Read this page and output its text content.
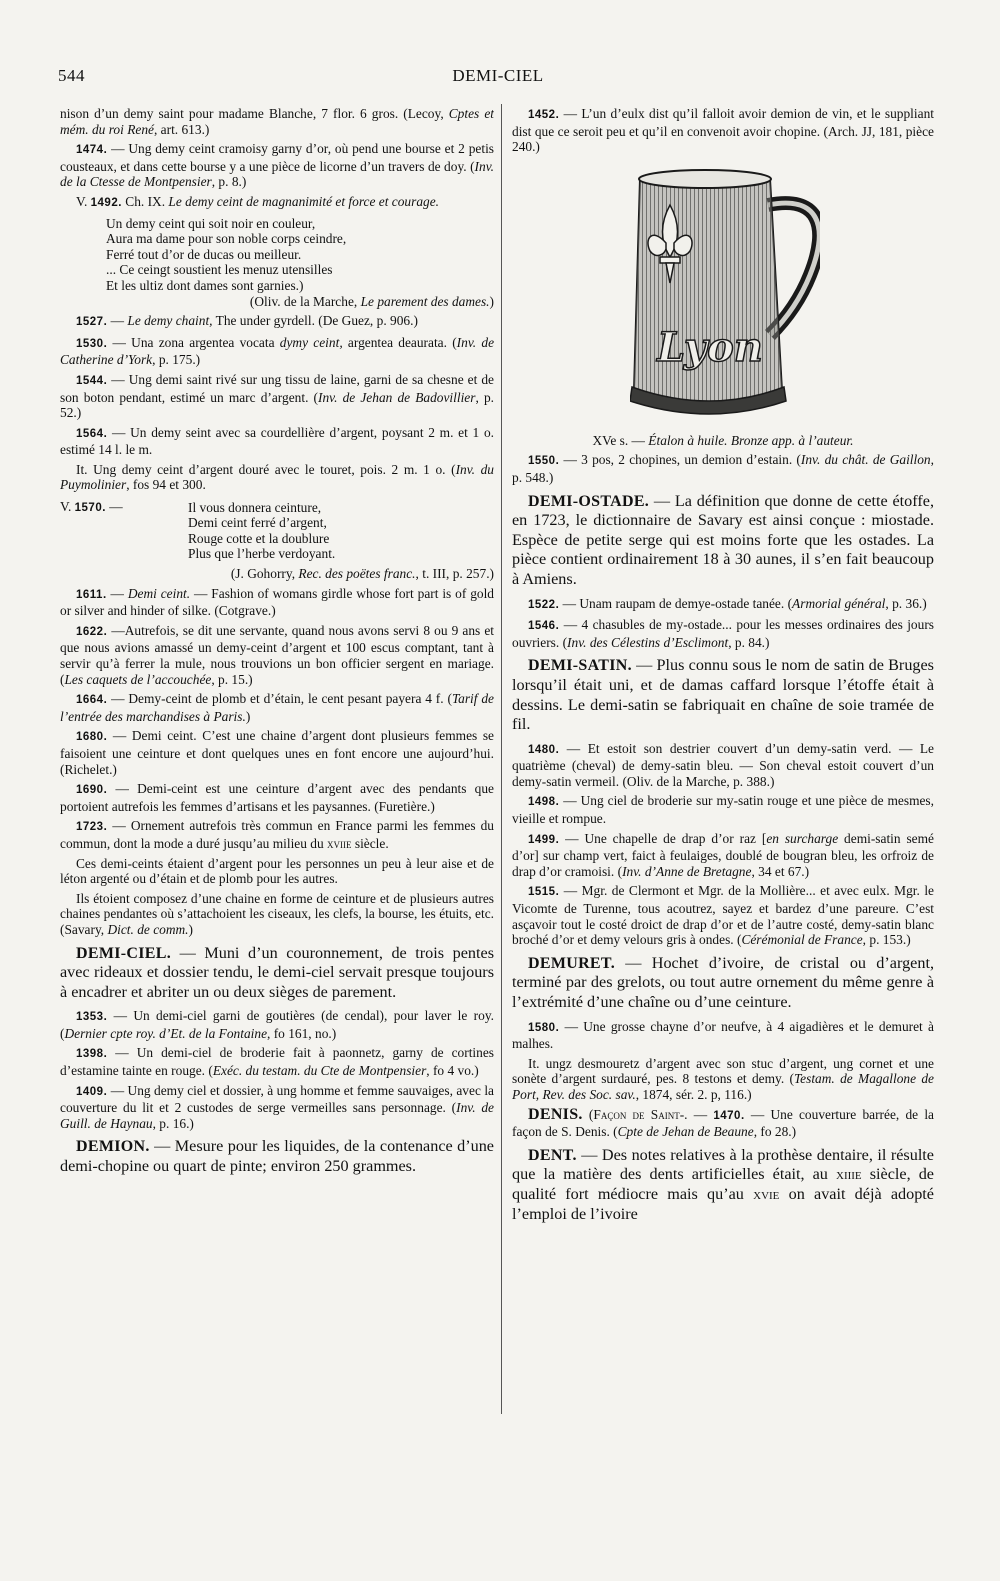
544	DEMI-CIEL

nison d’un demy saint pour madame Blanche, 7 flor. 6 gros. (Lecoy, Cptes et mém. du roi René, art. 613.)

1474. — Ung demy ceint cramoisy garny d’or, où pend une bourse et 2 petis cousteaux, et dans cette bourse y a une pièce de licorne d’un travers de doy. (Inv. de la Ctesse de Montpensier, p. 8.)

V. 1492. Ch. IX. Le demy ceint de magnanimité et force et courage.

Un demy ceint qui soit noir en couleur,
Aura ma dame pour son noble corps ceindre,
Ferré tout d’or de ducas ou meilleur.
... Ce ceingt soustient les menuz utensilles
Et les ultiz dont dames sont garnies.)
(Oliv. de la Marche, Le parement des dames.)

1527. — Le demy chaint, The under gyrdell. (De Guez, p. 906.)

1530. — Una zona argentea vocata dymy ceint, argentea deaurata. (Inv. de Catherine d’York, p. 175.)

1544. — Ung demi saint rivé sur ung tissu de laine, garni de sa chesne et de son boton pendant, estimé un marc d’argent. (Inv. de Jehan de Badovillier, p. 52.)

1564. — Un demy seint avec sa courdellière d’argent, poysant 2 m. et 1 o. estimé 14 l. le m.

It. Ung demy ceint d’argent douré avec le touret, pois. 2 m. 1 o. (Inv. du Puymolinier, fos 94 et 300.

V. 1570. —	Il vous donnera ceinture,
Demi ceint ferré d’argent,
Rouge cotte et la doublure
Plus que l’herbe verdoyant.

(J. Gohorry, Rec. des poëtes franc., t. III, p. 257.)

1611. — Demi ceint. — Fashion of womans girdle whose fort part is of gold or silver and hinder of silke. (Cotgrave.)

1622. —Autrefois, se dit une servante, quand nous avons servi 8 ou 9 ans et que nous avions amassé un demy-ceint d’argent et 100 escus comptant, tant à servir qu’à ferrer la mule, nous trouvions un bon officier sergent en mariage. (Les caquets de l’accouchée, p. 15.)

1664. — Demy-ceint de plomb et d’étain, le cent pesant payera 4 f. (Tarif de l’entrée des marchandises à Paris.)

1680. — Demi ceint. C’est une chaine d’argent dont plusieurs femmes se faisoient une ceinture et dont quelques unes en font encore une aujourd’hui. (Richelet.)

1690. — Demi-ceint est une ceinture d’argent avec des pendants que portoient autrefois les femmes d’artisans et les paysannes. (Furetière.)

1723. — Ornement autrefois très commun en France parmi les femmes du commun, dont la mode a duré jusqu’au milieu du xviie siècle.

Ces demi-ceints étaient d’argent pour les personnes un peu à leur aise et de léton argenté ou d’étain et de plomb pour les autres.

Ils étoient composez d’une chaine en forme de ceinture et de plusieurs autres chaines pendantes où s’attachoient les ciseaux, les clefs, la bourse, les étuits, etc. (Savary, Dict. de comm.)

DEMI-CIEL. — Muni d’un couronnement, de trois pentes avec rideaux et dossier tendu, le demi-ciel servait presque toujours à encadrer et abriter un ou deux sièges de parement.

1353. — Un demi-ciel garni de goutières (de cendal), pour laver le roy. (Dernier cpte roy. d’Et. de la Fontaine, fo 161, no.)

1398. — Un demi-ciel de broderie fait à paonnetz, garny de cortines d’estamine tainte en rouge. (Exéc. du testam. du Cte de Montpensier, fo 4 vo.)

1409. — Ung demy ciel et dossier, à ung homme et femme sauvaiges, avec la couverture du lit et 2 custodes de serge vermeilles sans personnage. (Inv. de Guill. de Haynau, p. 16.)

DEMION. — Mesure pour les liquides, de la contenance d’une demi-chopine ou quart de pinte; environ 250 grammes.

1452. — L’un d’eulx dist qu’il falloit avoir demion de vin, et le suppliant dist que ce seroit peu et qu’il en convenoit avoir chopine. (Arch. JJ, 181, pièce 240.)

Lyon

XVe s. — Étalon à huile. Bronze app. à l’auteur.

1550. — 3 pos, 2 chopines, un demion d’estain. (Inv. du chât. de Gaillon, p. 548.)

DEMI-OSTADE. — La définition que donne de cette étoffe, en 1723, le dictionnaire de Savary est ainsi conçue : miostade. Espèce de petite serge qui est moins forte que les ostades. La pièce contient ordinairement 18 à 30 aunes, il s’en fait beaucoup à Amiens.

1522. — Unam raupam de demye-ostade tanée. (Armorial général, p. 36.)

1546. — 4 chasubles de my-ostade... pour les messes ordinaires des jours ouvriers. (Inv. des Célestins d’Esclimont, p. 84.)

DEMI-SATIN. — Plus connu sous le nom de satin de Bruges lorsqu’il était uni, et de damas caffard lorsque l’étoffe était à dessins. Le demi-satin se fabriquait en chaîne de soie tramée de fil.

1480. — Et estoit son destrier couvert d’un demy-satin verd. — Le quatrième (cheval) de demy-satin bleu. — Son cheval estoit couvert d’un demy-satin vermeil. (Oliv. de la Marche, p. 388.)

1498. — Ung ciel de broderie sur my-satin rouge et une pièce de mesmes, vieille et rompue.

1499. — Une chapelle de drap d’or raz [en surcharge demi-satin semé d’or] sur champ vert, faict à feulaiges, doublé de bougran bleu, les orfroiz de drap d’or cramoisi. (Inv. d’Anne de Bretagne, 34 et 67.)

1515. — Mgr. de Clermont et Mgr. de la Mollière... et avec eulx. Mgr. le Vicomte de Turenne, tous acoutrez, sayez et bardez d’une pareure. C’est asçavoir tout le costé droict de drap d’or et de l’autre costé, demy-satin blanc broché d’or et demy velours gris à ondes. (Cérémonial de France, p. 153.)

DEMURET. — Hochet d’ivoire, de cristal ou d’argent, terminé par des grelots, ou tout autre ornement du même genre à l’extrémité d’une chaîne ou d’une ceinture.

1580. — Une grosse chayne d’or neufve, à 4 aigadières et le demuret à malhes.

It. ungz desmouretz d’argent avec son stuc d’argent, ung cornet et une sonète d’argent surdauré, pes. 8 testons et demy. (Testam. de Magallone de Port, Rev. des Soc. sav., 1874, sér. 2. p, 116.)

DENIS. (Façon de Saint-. — 1470. — Une couverture barrée, de la façon de S. Denis. (Cpte de Jehan de Beaune, fo 28.)

DENT. — Des notes relatives à la prothèse dentaire, il résulte que la matière des dents artificielles était, au xiiie siècle, de qualité fort médiocre mais qu’au xvie on avait déjà adopté l’emploi de l’ivoire
